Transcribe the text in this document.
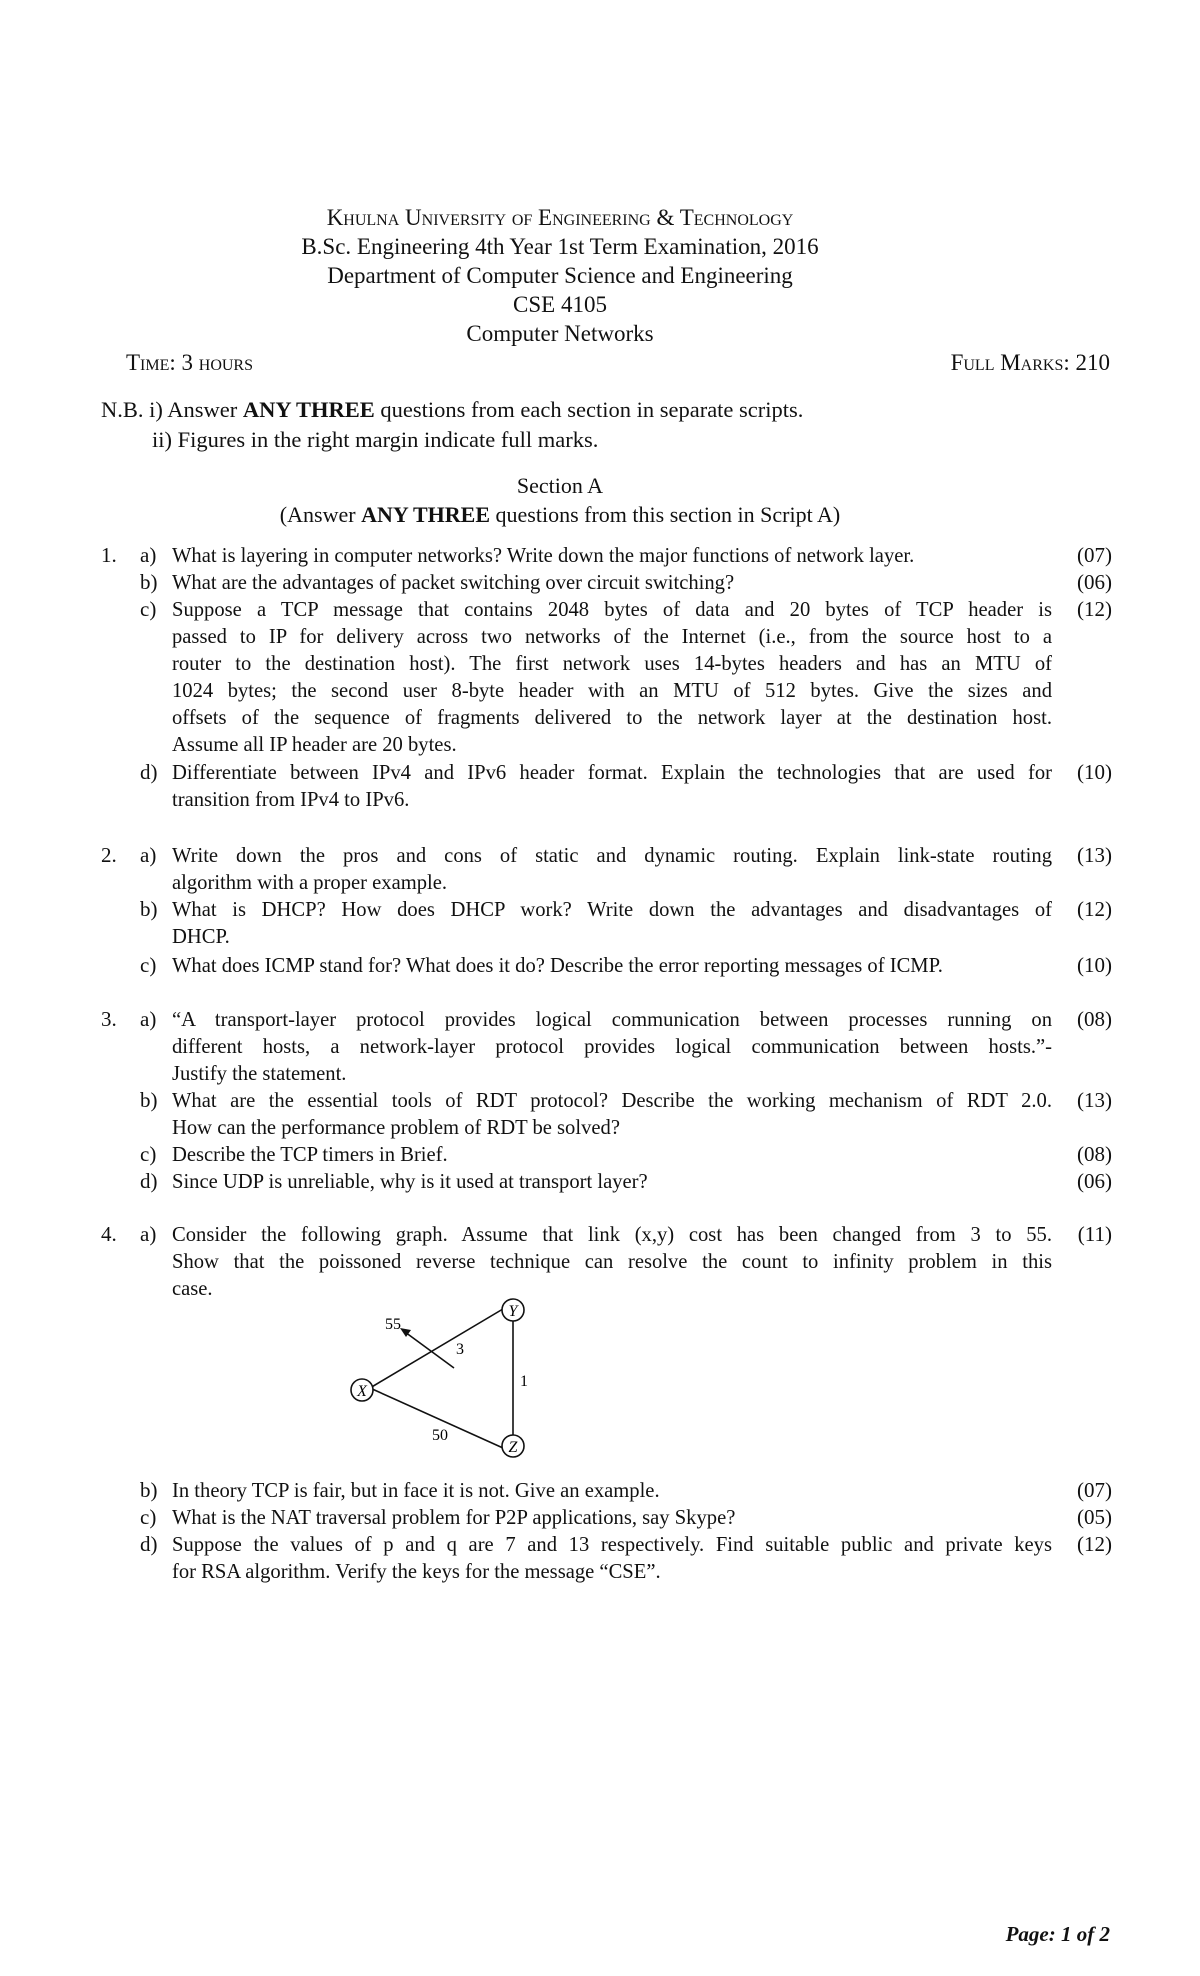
Khulna University of Engineering & Technology
B.Sc. Engineering 4th Year 1st Term Examination, 2016
Department of Computer Science and Engineering
CSE 4105
Computer Networks
Time: 3 hours	Full Marks: 210
N.B. i) Answer ANY THREE questions from each section in separate scripts.
ii) Figures in the right margin indicate full marks.
Section A
(Answer ANY THREE questions from this section in Script A)
1. a) What is layering in computer networks? Write down the major functions of network layer.	(07)
b) What are the advantages of packet switching over circuit switching?	(06)
c) Suppose a TCP message that contains 2048 bytes of data and 20 bytes of TCP header is
passed to IP for delivery across two networks of the Internet (i.e., from the source host to a
router to the destination host). The first network uses 14-bytes headers and has an MTU of
1024 bytes; the second user 8-byte header with an MTU of 512 bytes. Give the sizes and
offsets of the sequence of fragments delivered to the network layer at the destination host.
Assume all IP header are 20 bytes.
(12)
d) Differentiate between IPv4 and IPv6 header format. Explain the technologies that are used for
transition from IPv4 to IPv6.
(10)
2. a) Write down the pros and cons of static and dynamic routing. Explain link-state routing
algorithm with a proper example.
(13)
b) What is DHCP? How does DHCP work? Write down the advantages and disadvantages of
DHCP.
(12)
c) What does ICMP stand for? What does it do? Describe the error reporting messages of ICMP.	(10)
3. a) “A transport-layer protocol provides logical communication between processes running on
different hosts, a network-layer protocol provides logical communication between hosts.”-
Justify the statement.
(08)
b) What are the essential tools of RDT protocol? Describe the working mechanism of RDT 2.0.
How can the performance problem of RDT be solved?
(13)
c) Describe the TCP timers in Brief.	(08)
d) Since UDP is unreliable, why is it used at transport layer?	(06)
4. a) Consider the following graph. Assume that link (x,y) cost has been changed from 3 to 55.
Show that the poissoned reverse technique can resolve the count to infinity problem in this
case.
(11)
Y
X
Z
55
3
1
50
b) In theory TCP is fair, but in face it is not. Give an example.	(07)
c) What is the NAT traversal problem for P2P applications, say Skype?	(05)
d) Suppose the values of p and q are 7 and 13 respectively. Find suitable public and private keys
for RSA algorithm. Verify the keys for the message “CSE”.
(12)
Page: 1 of 2
